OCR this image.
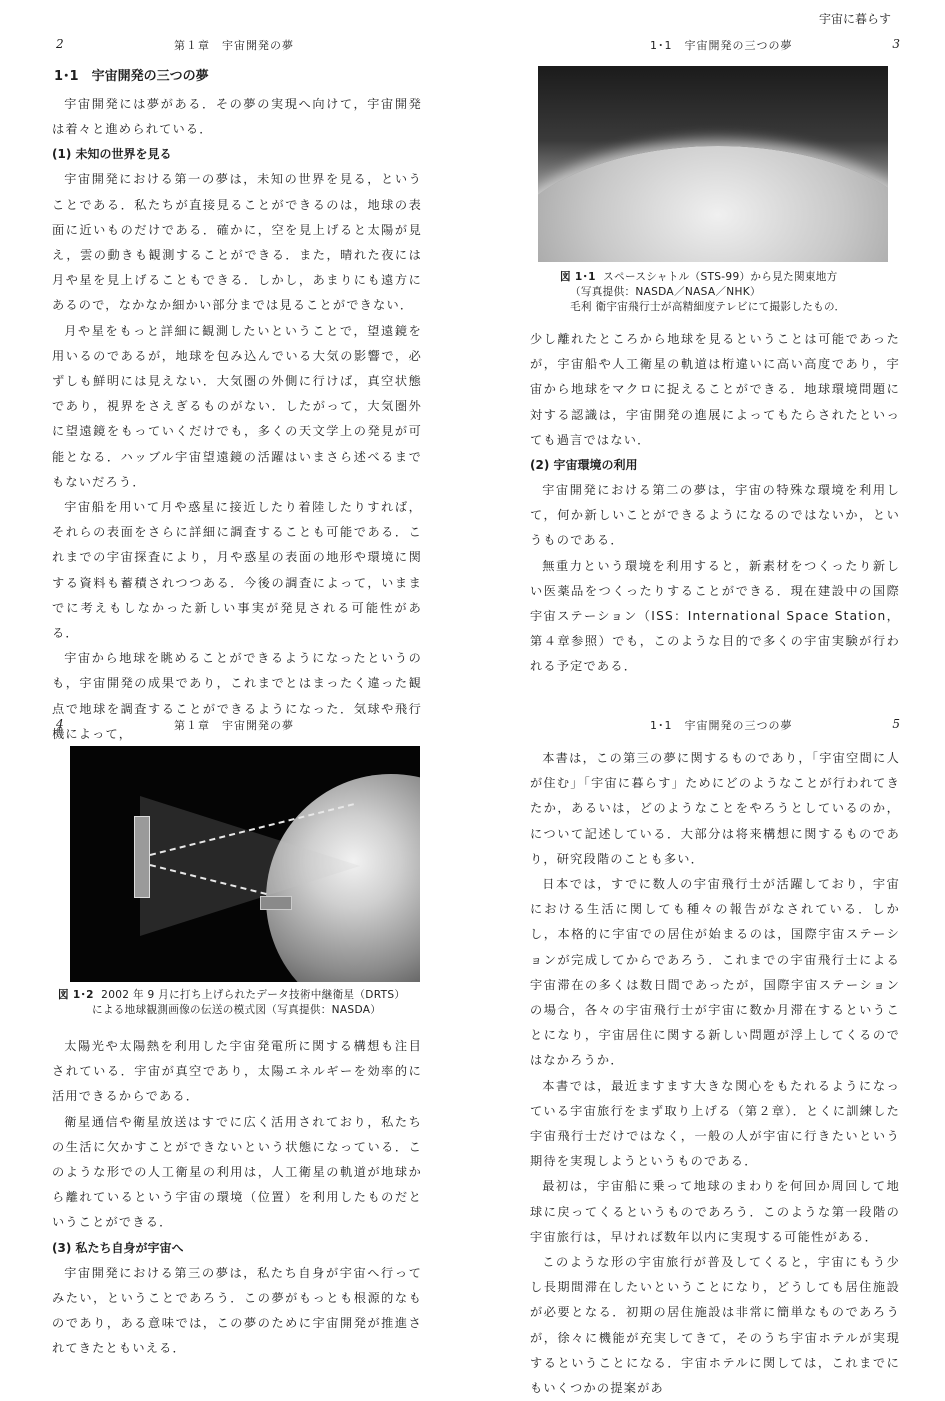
宇宙に暮らす
2	第１章　宇宙開発の夢
1･1　宇宙開発の三つの夢

宇宙開発には夢がある．その夢の実現へ向けて，宇宙開発は着々と進められている．

(1) 未知の世界を見る

宇宙開発における第一の夢は，未知の世界を見る，ということである．私たちが直接見ることができるのは，地球の表面に近いものだけである．確かに，空を見上げると太陽が見え，雲の動きも観測することができる．また，晴れた夜には月や星を見上げることもできる．しかし，あまりにも遠方にあるので，なかなか細かい部分までは見ることができない．

月や星をもっと詳細に観測したいということで，望遠鏡を用いるのであるが，地球を包み込んでいる大気の影響で，必ずしも鮮明には見えない．大気圏の外側に行けば，真空状態であり，視界をさえぎるものがない．したがって，大気圏外に望遠鏡をもっていくだけでも，多くの天文学上の発見が可能となる．ハッブル宇宙望遠鏡の活躍はいまさら述べるまでもないだろう．

宇宙船を用いて月や惑星に接近したり着陸したりすれば，それらの表面をさらに詳細に調査することも可能である．これまでの宇宙探査により，月や惑星の表面の地形や環境に関する資料も蓄積されつつある．今後の調査によって，いままでに考えもしなかった新しい事実が発見される可能性がある．

宇宙から地球を眺めることができるようになったというのも，宇宙開発の成果であり，これまでとはまったく違った観点で地球を調査することができるようになった．気球や飛行機によって，

1･1　宇宙開発の三つの夢	3
図 1･1 スペースシャトル（STS-99）から見た関東地方
（写真提供：NASDA／NASA／NHK）
毛利 衛宇宙飛行士が高精細度テレビにて撮影したもの．

少し離れたところから地球を見るということは可能であったが，宇宙船や人工衛星の軌道は桁違いに高い高度であり，宇宙から地球をマクロに捉えることができる．地球環境問題に対する認識は，宇宙開発の進展によってもたらされたといっても過言ではない．

(2) 宇宙環境の利用

宇宙開発における第二の夢は，宇宙の特殊な環境を利用して，何か新しいことができるようになるのではないか，というものである．

無重力という環境を利用すると，新素材をつくったり新しい医薬品をつくったりすることができる．現在建設中の国際宇宙ステーション（ISS：International Space Station，第４章参照）でも，このような目的で多くの宇宙実験が行われる予定である．

4	第１章　宇宙開発の夢
図 1･2 2002 年 9 月に打ち上げられたデータ技術中継衛星（DRTS）
による地球観測画像の伝送の模式図（写真提供：NASDA）

太陽光や太陽熱を利用した宇宙発電所に関する構想も注目されている．宇宙が真空であり，太陽エネルギーを効率的に活用できるからである．

衛星通信や衛星放送はすでに広く活用されており，私たちの生活に欠かすことができないという状態になっている．このような形での人工衛星の利用は，人工衛星の軌道が地球から離れているという宇宙の環境（位置）を利用したものだということができる．

(3) 私たち自身が宇宙へ

宇宙開発における第三の夢は，私たち自身が宇宙へ行ってみたい，ということであろう．この夢がもっとも根源的なものであり，ある意味では，この夢のために宇宙開発が推進されてきたともいえる．

1･1　宇宙開発の三つの夢	5

本書は，この第三の夢に関するものであり，「宇宙空間に人が住む」「宇宙に暮らす」ためにどのようなことが行われてきたか，あるいは，どのようなことをやろうとしているのか，について記述している．大部分は将来構想に関するものであり，研究段階のことも多い．

日本では，すでに数人の宇宙飛行士が活躍しており，宇宙における生活に関しても種々の報告がなされている．しかし，本格的に宇宙での居住が始まるのは，国際宇宙ステーションが完成してからであろう．これまでの宇宙飛行士による宇宙滞在の多くは数日間であったが，国際宇宙ステーションの場合，各々の宇宙飛行士が宇宙に数か月滞在するということになり，宇宙居住に関する新しい問題が浮上してくるのではなかろうか．

本書では，最近ますます大きな関心をもたれるようになっている宇宙旅行をまず取り上げる（第２章）．とくに訓練した宇宙飛行士だけではなく，一般の人が宇宙に行きたいという期待を実現しようというものである．

最初は，宇宙船に乗って地球のまわりを何回か周回して地球に戻ってくるというものであろう．このような第一段階の宇宙旅行は，早ければ数年以内に実現する可能性がある．

このような形の宇宙旅行が普及してくると，宇宙にもう少し長期間滞在したいということになり，どうしても居住施設が必要となる．初期の居住施設は非常に簡単なものであろうが，徐々に機能が充実してきて，そのうち宇宙ホテルが実現するということになる．宇宙ホテルに関しては，これまでにもいくつかの提案があ
